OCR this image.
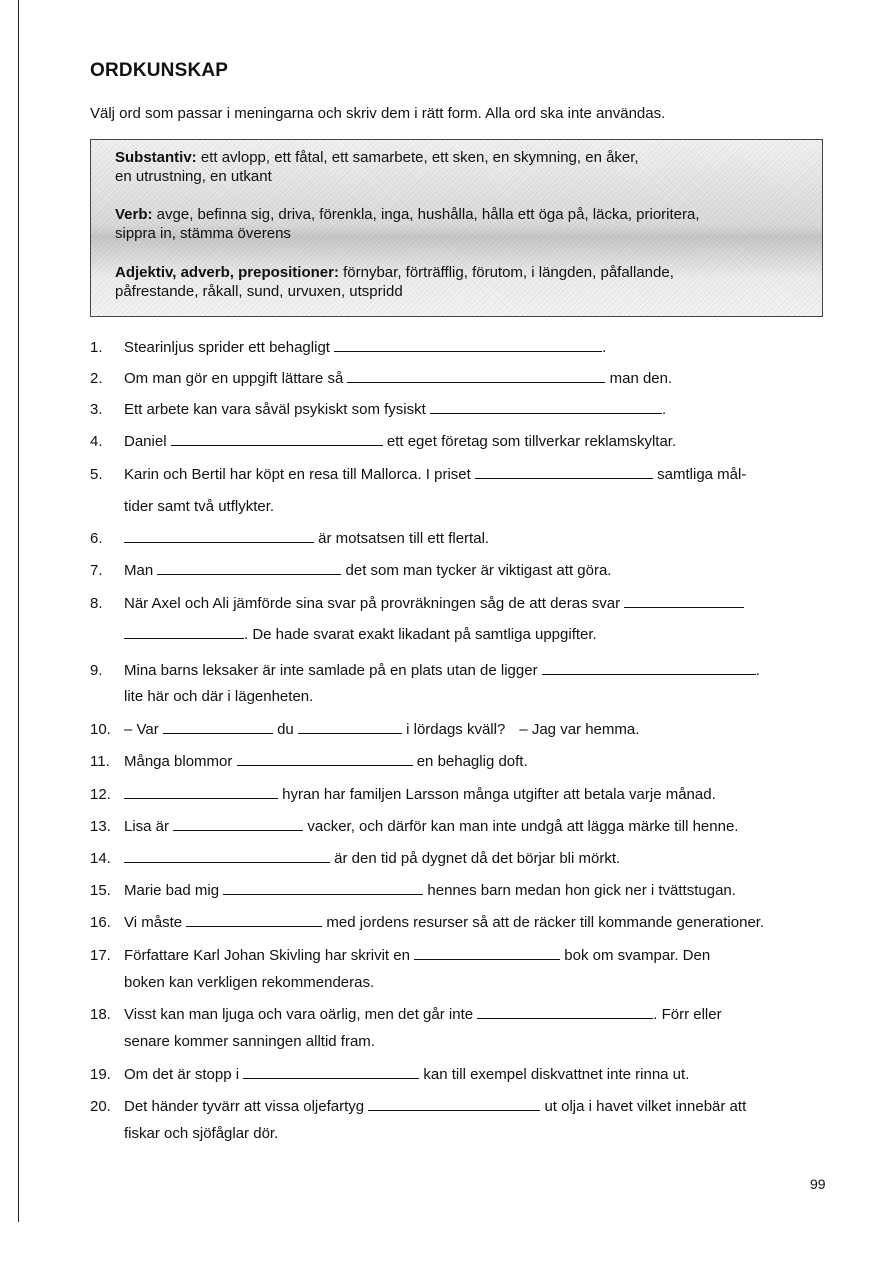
ORDKUNSKAP
Välj ord som passar i meningarna och skriv dem i rätt form. Alla ord ska inte användas.
Substantiv: ett avlopp, ett fåtal, ett samarbete, ett sken, en skymning, en åker,
en utrustning, en utkant
Verb: avge, befinna sig, driva, förenkla, inga, hushålla, hålla ett öga på, läcka, prioritera,
sippra in, stämma överens
Adjektiv, adverb, prepositioner: förnybar, förträfflig, förutom, i längden, påfallande,
påfrestande, råkall, sund, urvuxen, utspridd
1. Stearinljus sprider ett behagligt	.
2. Om man gör en uppgift lättare så	man den.
3. Ett arbete kan vara såväl psykiskt som fysiskt	.
4. Daniel	ett eget företag som tillverkar reklamskyltar.
5. Karin och Bertil har köpt en resa till Mallorca. I priset	samtliga mål-
tider samt två utflykter.
6.	är motsatsen till ett flertal.
7. Man	det som man tycker är viktigast att göra.
8. När Axel och Ali jämförde sina svar på provräkningen såg de att deras svar
. De hade svarat exakt likadant på samtliga uppgifter.
9. Mina barns leksaker är inte samlade på en plats utan de ligger	.
lite här och där i lägenheten.
10. – Var	du	i lördags kväll? – Jag var hemma.
11. Många blommor	en behaglig doft.
12.	hyran har familjen Larsson många utgifter att betala varje månad.
13. Lisa är	vacker, och därför kan man inte undgå att lägga märke till henne.
14.	är den tid på dygnet då det börjar bli mörkt.
15. Marie bad mig	hennes barn medan hon gick ner i tvättstugan.
16. Vi måste	med jordens resurser så att de räcker till kommande generationer.
17. Författare Karl Johan Skivling har skrivit en	bok om svampar. Den
boken kan verkligen rekommenderas.
18. Visst kan man ljuga och vara oärlig, men det går inte	. Förr eller
senare kommer sanningen alltid fram.
19. Om det är stopp i	kan till exempel diskvattnet inte rinna ut.
20. Det händer tyvärr att vissa oljefartyg	ut olja i havet vilket innebär att
fiskar och sjöfåglar dör.
99
